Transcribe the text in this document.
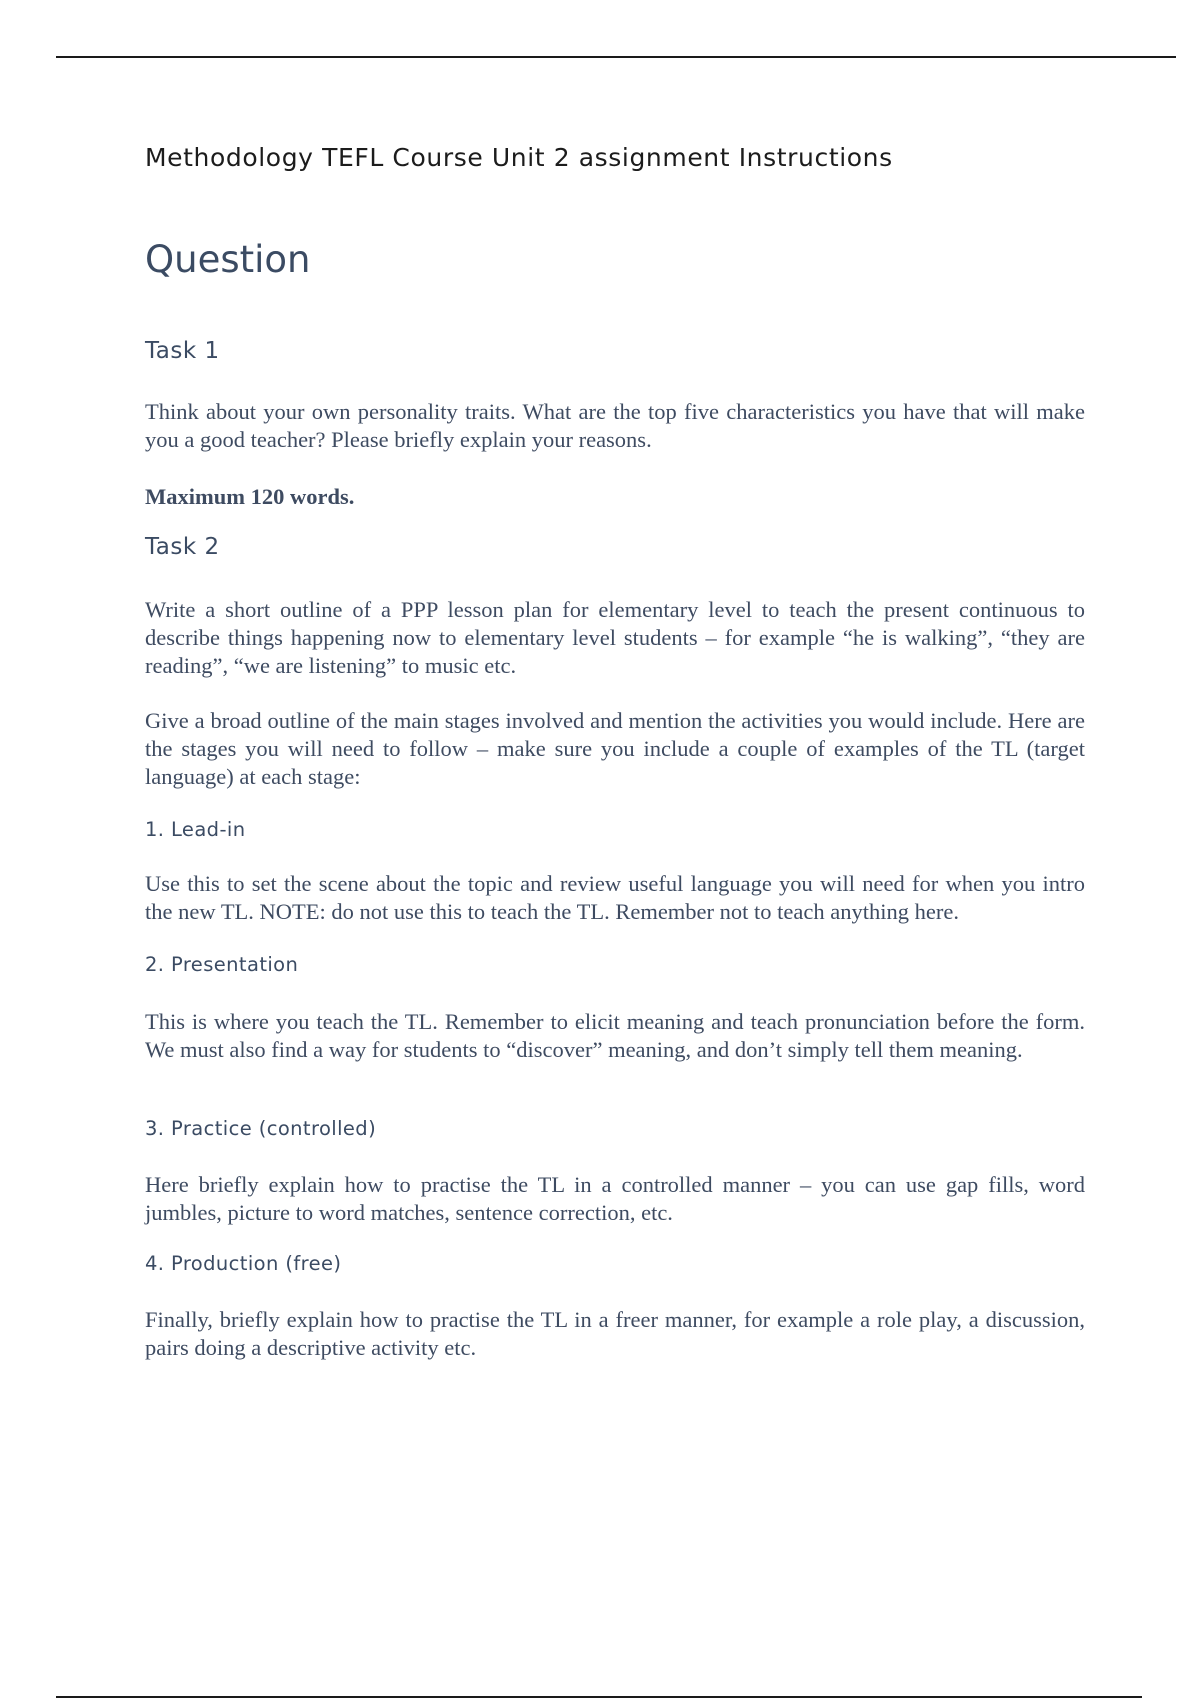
Methodology TEFL Course Unit 2 assignment Instructions
Question
Task 1

Think about your own personality traits. What are the top five characteristics you have that will make you a good teacher? Please briefly explain your reasons.

Maximum 120 words.

Task 2

Write a short outline of a PPP lesson plan for elementary level to teach the present continuous to describe things happening now to elementary level students – for example “he is walking”, “they are reading”, “we are listening” to music etc.

Give a broad outline of the main stages involved and mention the activities you would include. Here are the stages you will need to follow – make sure you include a couple of examples of the TL (target language) at each stage:

1. Lead-in

Use this to set the scene about the topic and review useful language you will need for when you intro the new TL. NOTE: do not use this to teach the TL. Remember not to teach anything here.

2. Presentation

This is where you teach the TL. Remember to elicit meaning and teach pronunciation before the form. We must also find a way for students to “discover” meaning, and don’t simply tell them meaning.

3. Practice (controlled)

Here briefly explain how to practise the TL in a controlled manner – you can use gap fills, word jumbles, picture to word matches, sentence correction, etc.

4. Production (free)

Finally, briefly explain how to practise the TL in a freer manner, for example a role play, a discussion, pairs doing a descriptive activity etc.
